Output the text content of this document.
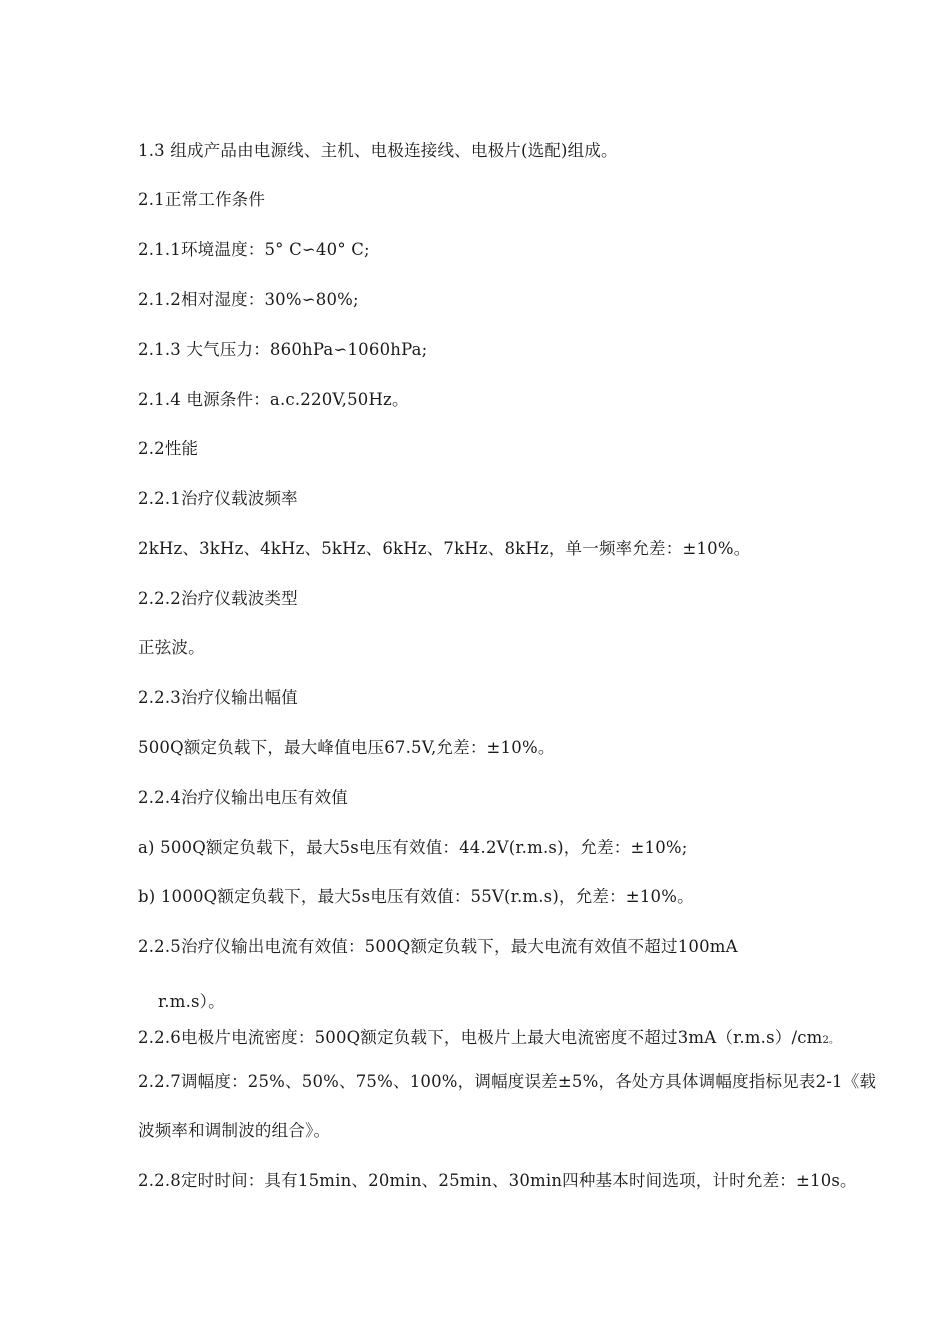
1.3 组成产品由电源线、主机、电极连接线、电极片(选配)组成。
2.1正常工作条件
2.1.1环境温度：5° C∽40° C;
2.1.2相对湿度：30%∽80%;
2.1.3 大气压力：860hPa∽1060hPa;
2.1.4 电源条件：a.c.220V,50Hz。
2.2性能
2.2.1治疗仪载波频率
2kHz、3kHz、4kHz、5kHz、6kHz、7kHz、8kHz，单一频率允差：±10%。
2.2.2治疗仪载波类型
正弦波。
2.2.3治疗仪输出幅值
500Q额定负载下，最大峰值电压67.5V,允差：±10%。
2.2.4治疗仪输出电压有效值
a) 500Q额定负载下，最大5s电压有效值：44.2V(r.m.s)，允差：±10%;
b) 1000Q额定负载下，最大5s电压有效值：55V(r.m.s)，允差：±10%。
2.2.5治疗仪输出电流有效值：500Q额定负载下，最大电流有效值不超过100mA
r.m.s）。
2.2.6电极片电流密度：500Q额定负载下，电极片上最大电流密度不超过3mA（r.m.s）/cm2。
2.2.7调幅度：25%、50%、75%、100%，调幅度误差±5%，各处方具体调幅度指标见表2-1《载
波频率和调制波的组合》。
2.2.8定时时间：具有15min、20min、25min、30min四种基本时间选项，计时允差：±10s。
